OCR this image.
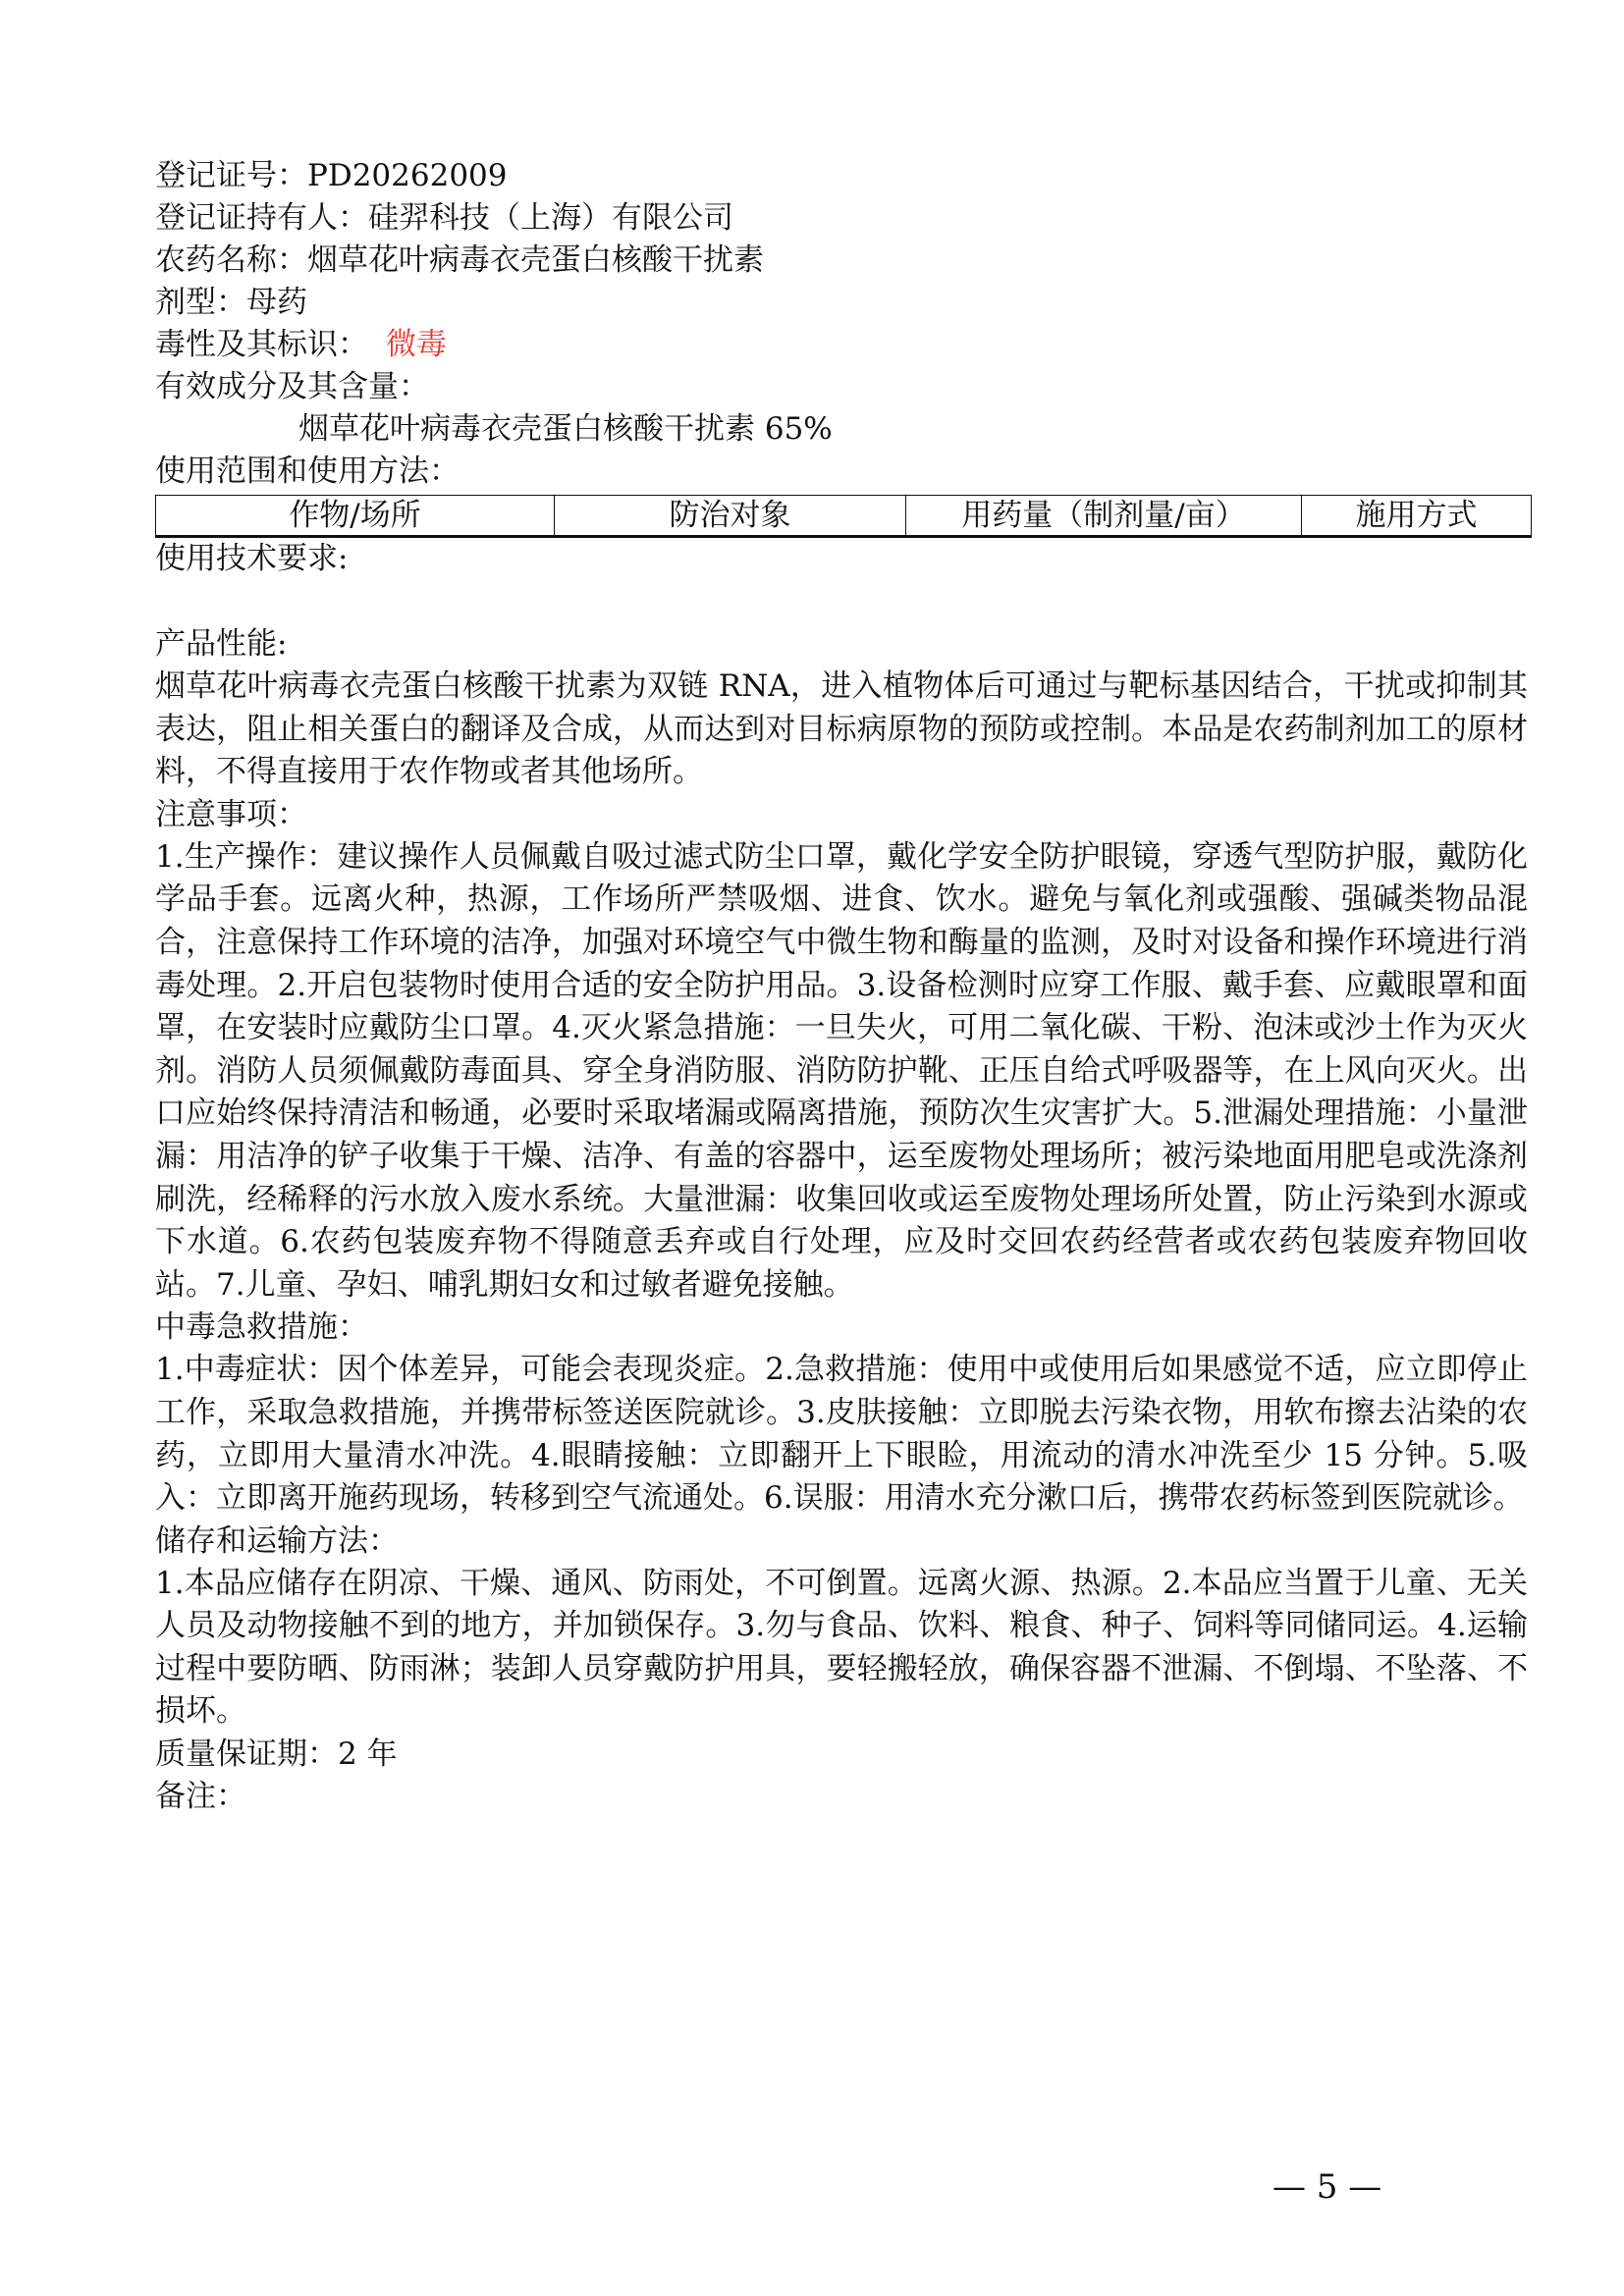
登记证号：PD20262009
登记证持有人：硅羿科技（上海）有限公司
农药名称：烟草花叶病毒衣壳蛋白核酸干扰素
剂型：母药
毒性及其标识： 微毒
有效成分及其含量：
烟草花叶病毒衣壳蛋白核酸干扰素 65%
使用范围和使用方法：
作物/场所	防治对象	用药量（制剂量/亩）	施用方式
使用技术要求:
产品性能:
烟草花叶病毒衣壳蛋白核酸干扰素为双链 RNA，进入植物体后可通过与靶标基因结合，干扰或抑制其表达，阻止相关蛋白的翻译及合成，从而达到对目标病原物的预防或控制。本品是农药制剂加工的原材料，不得直接用于农作物或者其他场所。
注意事项：
1.生产操作：建议操作人员佩戴自吸过滤式防尘口罩，戴化学安全防护眼镜，穿透气型防护服，戴防化学品手套。远离火种，热源，工作场所严禁吸烟、进食、饮水。避免与氧化剂或强酸、强碱类物品混合，注意保持工作环境的洁净，加强对环境空气中微生物和酶量的监测，及时对设备和操作环境进行消毒处理。2.开启包装物时使用合适的安全防护用品。3.设备检测时应穿工作服、戴手套、应戴眼罩和面罩，在安装时应戴防尘口罩。4.灭火紧急措施：一旦失火，可用二氧化碳、干粉、泡沫或沙土作为灭火剂。消防人员须佩戴防毒面具、穿全身消防服、消防防护靴、正压自给式呼吸器等，在上风向灭火。出口应始终保持清洁和畅通，必要时采取堵漏或隔离措施，预防次生灾害扩大。5.泄漏处理措施：小量泄漏：用洁净的铲子收集于干燥、洁净、有盖的容器中，运至废物处理场所；被污染地面用肥皂或洗涤剂刷洗，经稀释的污水放入废水系统。大量泄漏：收集回收或运至废物处理场所处置，防止污染到水源或下水道。6.农药包装废弃物不得随意丢弃或自行处理，应及时交回农药经营者或农药包装废弃物回收站。7.儿童、孕妇、哺乳期妇女和过敏者避免接触。
中毒急救措施：
1.中毒症状：因个体差异，可能会表现炎症。2.急救措施：使用中或使用后如果感觉不适，应立即停止工作，采取急救措施，并携带标签送医院就诊。3.皮肤接触：立即脱去污染衣物，用软布擦去沾染的农药，立即用大量清水冲洗。4.眼睛接触：立即翻开上下眼睑，用流动的清水冲洗至少 15 分钟。5.吸入：立即离开施药现场，转移到空气流通处。6.误服：用清水充分漱口后，携带农药标签到医院就诊。
储存和运输方法：
1.本品应储存在阴凉、干燥、通风、防雨处，不可倒置。远离火源、热源。2.本品应当置于儿童、无关人员及动物接触不到的地方，并加锁保存。3.勿与食品、饮料、粮食、种子、饲料等同储同运。4.运输过程中要防晒、防雨淋；装卸人员穿戴防护用具，要轻搬轻放，确保容器不泄漏、不倒塌、不坠落、不损坏。
质量保证期：2 年
备注：
— 5 —
